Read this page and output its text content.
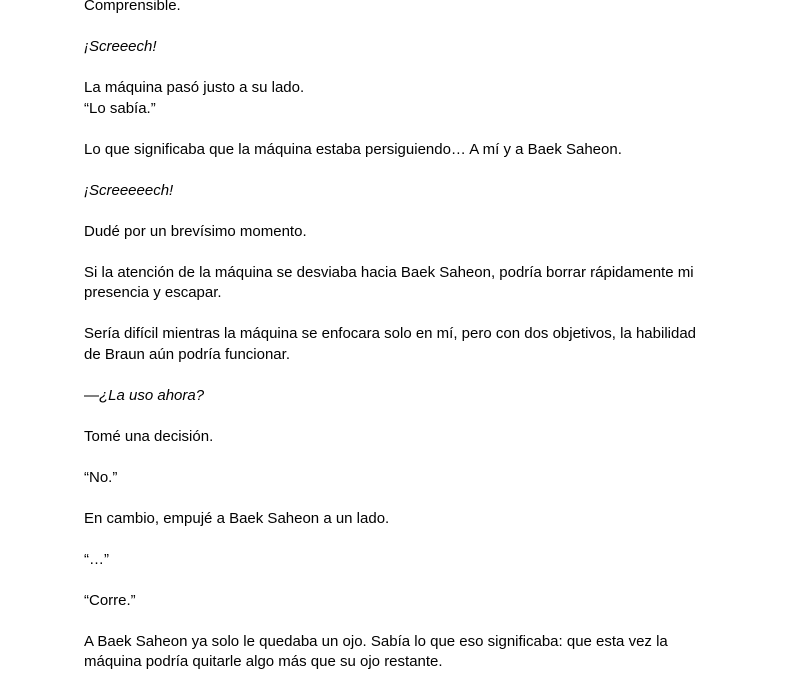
Comprensible.

¡Screeech!

La máquina pasó justo a su lado.
“Lo sabía.”

Lo que significaba que la máquina estaba persiguiendo… A mí y a Baek Saheon.

¡Screeeeech!

Dudé por un brevísimo momento.

Si la atención de la máquina se desviaba hacia Baek Saheon, podría borrar rápidamente mi
presencia y escapar.

Sería difícil mientras la máquina se enfocara solo en mí, pero con dos objetivos, la habilidad
de Braun aún podría funcionar.

—¿La uso ahora?

Tomé una decisión.

“No.”

En cambio, empujé a Baek Saheon a un lado.

“…”

“Corre.”

A Baek Saheon ya solo le quedaba un ojo. Sabía lo que eso significaba: que esta vez la
máquina podría quitarle algo más que su ojo restante.
